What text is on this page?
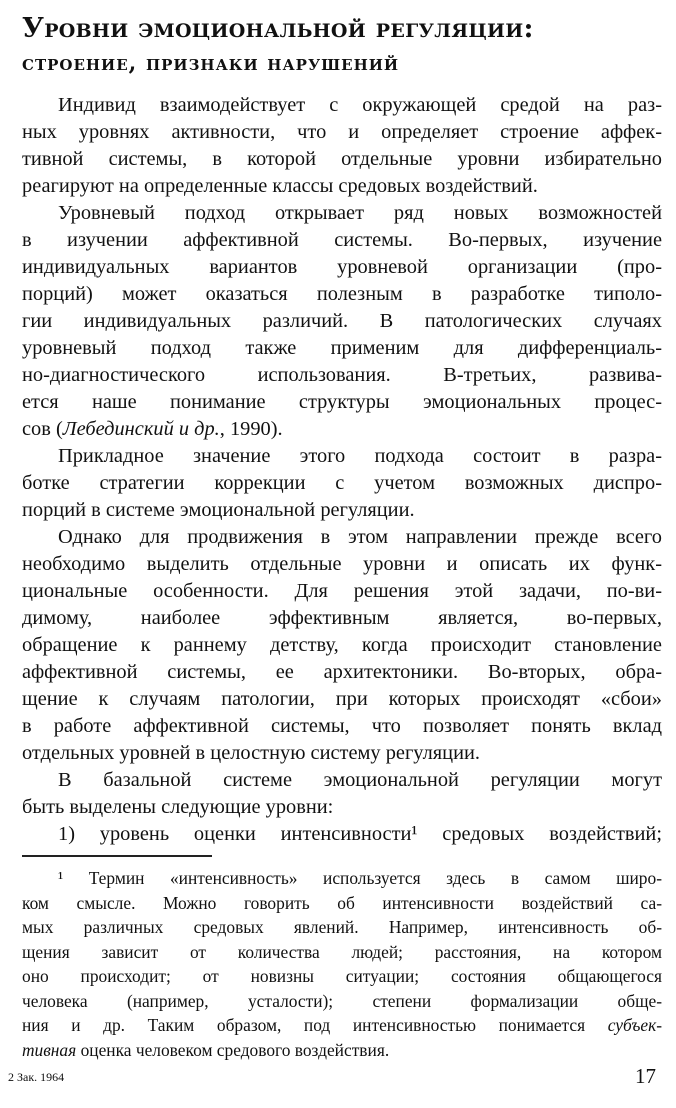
Уровни эмоциональной регуляции:
строение, признаки нарушений
Индивид взаимодействует с окружающей средой на раз-
ных уровнях активности, что и определяет строение аффек-
тивной системы, в которой отдельные уровни избирательно
реагируют на определенные классы средовых воздействий.
Уровневый подход открывает ряд новых возможностей
в изучении аффективной системы. Во-первых, изучение
индивидуальных вариантов уровневой организации (про-
порций) может оказаться полезным в разработке типоло-
гии индивидуальных различий. В патологических случаях
уровневый подход также применим для дифференциаль-
но-диагностического использования. В-третьих, развива-
ется наше понимание структуры эмоциональных процес-
сов (Лебединский и др., 1990).
Прикладное значение этого подхода состоит в разра-
ботке стратегии коррекции с учетом возможных диспро-
порций в системе эмоциональной регуляции.
Однако для продвижения в этом направлении прежде всего
необходимо выделить отдельные уровни и описать их функ-
циональные особенности. Для решения этой задачи, по-ви-
димому, наиболее эффективным является, во-первых,
обращение к раннему детству, когда происходит становление
аффективной системы, ее архитектоники. Во-вторых, обра-
щение к случаям патологии, при которых происходят «сбои»
в работе аффективной системы, что позволяет понять вклад
отдельных уровней в целостную систему регуляции.
В базальной системе эмоциональной регуляции могут
быть выделены следующие уровни:
1) уровень оценки интенсивности¹ средовых воздействий;
¹ Термин «интенсивность» используется здесь в самом широ-
ком смысле. Можно говорить об интенсивности воздействий са-
мых различных средовых явлений. Например, интенсивность об-
щения зависит от количества людей; расстояния, на котором
оно происходит; от новизны ситуации; состояния общающегося
человека (например, усталости); степени формализации обще-
ния и др. Таким образом, под интенсивностью понимается субъек-
тивная оценка человеком средового воздействия.
2 Зак. 1964	17
